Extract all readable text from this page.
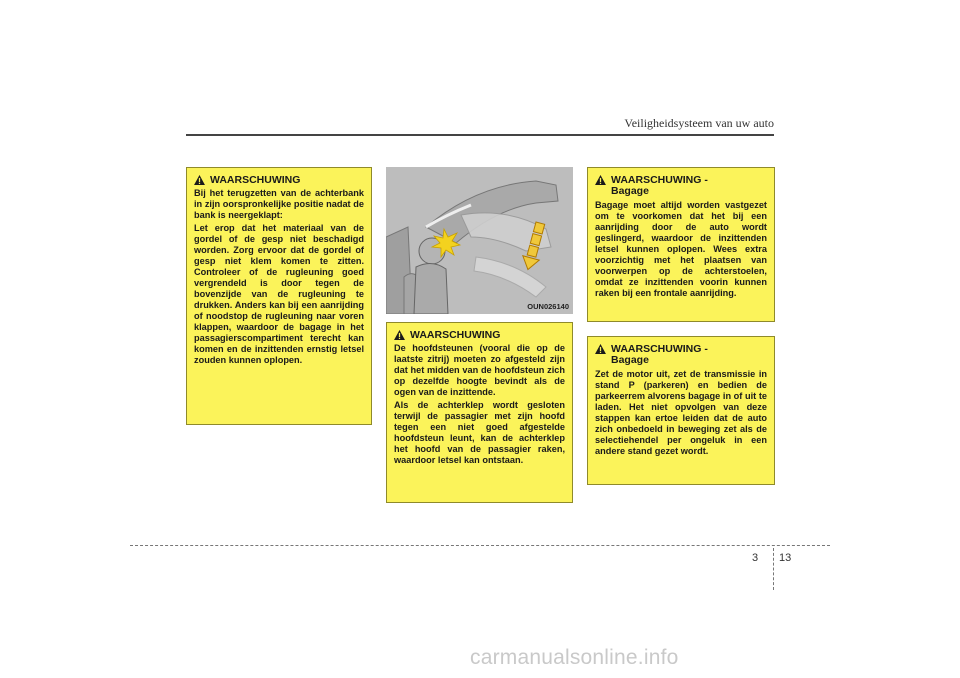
Veiligheidsysteem van uw auto
WAARSCHUWING

Bij het terugzetten van de achterbank in zijn oorspronkelijke positie nadat de bank is neergeklapt:

Let erop dat het materiaal van de gordel of de gesp niet beschadigd worden. Zorg ervoor dat de gordel of gesp niet klem komen te zitten. Controleer of de rugleuning goed vergrendeld is door tegen de bovenzijde van de rugleuning te drukken. Anders kan bij een aanrijding of noodstop de rugleuning naar voren klappen, waardoor de bagage in het passagierscompartiment terecht kan komen en de inzittenden ernstig letsel zouden kunnen oplopen.

OUN026140
WAARSCHUWING

De hoofdsteunen (vooral die op de laatste zitrij) moeten zo afgesteld zijn dat het midden van de hoofdsteun zich op dezelfde hoogte bevindt als de ogen van de inzittende.

Als de achterklep wordt gesloten terwijl de passagier met zijn hoofd tegen een niet goed afgestelde hoofdsteun leunt, kan de achterklep het hoofd van de passagier raken, waardoor letsel kan ontstaan.

WAARSCHUWING -
Bagage

Bagage moet altijd worden vastgezet om te voorkomen dat het bij een aanrijding door de auto wordt geslingerd, waardoor de inzittenden letsel kunnen oplopen. Wees extra voorzichtig met het plaatsen van voorwerpen op de achterstoelen, omdat ze inzittenden voorin kunnen raken bij een frontale aanrijding.

WAARSCHUWING -
Bagage

Zet de motor uit, zet de transmissie in stand P (parkeren) en bedien de parkeerrem alvorens bagage in of uit te laden. Het niet opvolgen van deze stappen kan ertoe leiden dat de auto zich onbedoeld in beweging zet als de selectiehendel per ongeluk in een andere stand gezet wordt.

3 13
carmanualsonline.info
